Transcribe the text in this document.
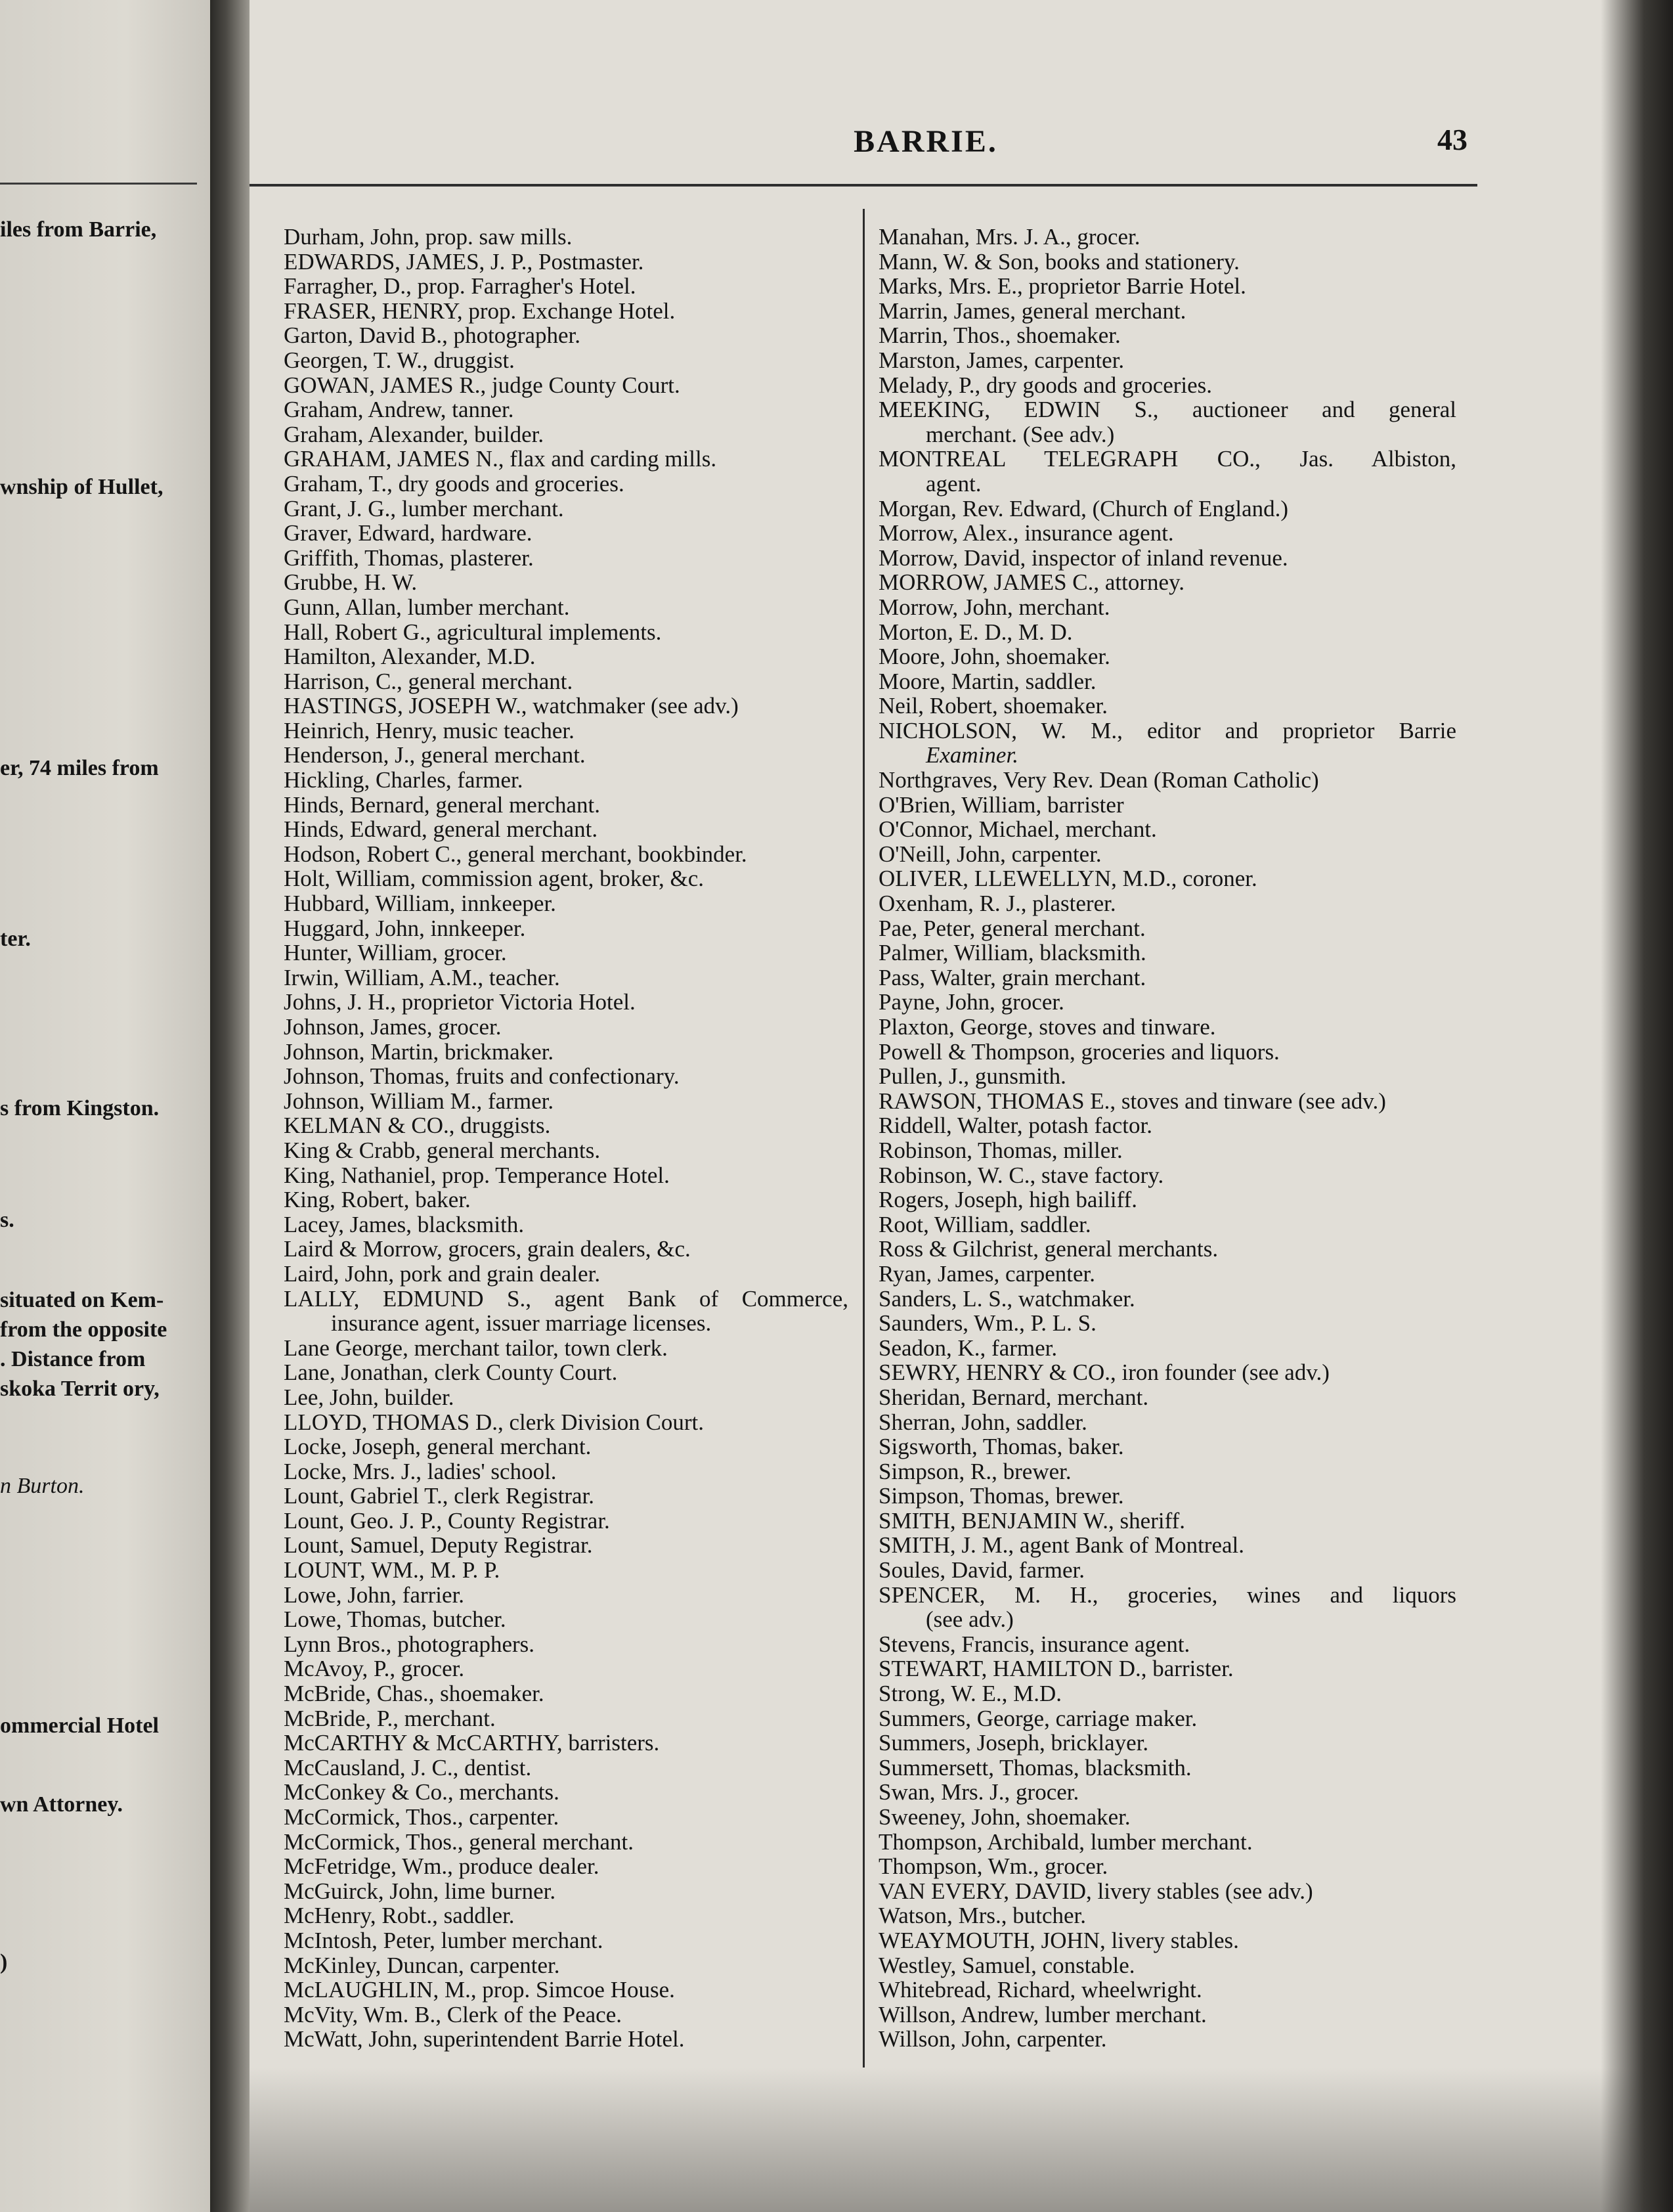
iles from Barrie,
wnship of Hullet,
er, 74 miles from
ter.
s from Kingston.
s.
situated on Kem-
from the opposite
. Distance from
skoka Territ ory,
n Burton.
ommercial Hotel
wn Attorney.
)
BARRIE.	43
Durham, John, prop. saw mills.
EDWARDS, JAMES, J. P., Postmaster.
Farragher, D., prop. Farragher's Hotel.
FRASER, HENRY, prop. Exchange Hotel.
Garton, David B., photographer.
Georgen, T. W., druggist.
GOWAN, JAMES R., judge County Court.
Graham, Andrew, tanner.
Graham, Alexander, builder.
GRAHAM, JAMES N., flax and carding mills.
Graham, T., dry goods and groceries.
Grant, J. G., lumber merchant.
Graver, Edward, hardware.
Griffith, Thomas, plasterer.
Grubbe, H. W.
Gunn, Allan, lumber merchant.
Hall, Robert G., agricultural implements.
Hamilton, Alexander, M.D.
Harrison, C., general merchant.
HASTINGS, JOSEPH W., watchmaker (see adv.)
Heinrich, Henry, music teacher.
Henderson, J., general merchant.
Hickling, Charles, farmer.
Hinds, Bernard, general merchant.
Hinds, Edward, general merchant.
Hodson, Robert C., general merchant, bookbinder.
Holt, William, commission agent, broker, &c.
Hubbard, William, innkeeper.
Huggard, John, innkeeper.
Hunter, William, grocer.
Irwin, William, A.M., teacher.
Johns, J. H., proprietor Victoria Hotel.
Johnson, James, grocer.
Johnson, Martin, brickmaker.
Johnson, Thomas, fruits and confectionary.
Johnson, William M., farmer.
KELMAN & CO., druggists.
King & Crabb, general merchants.
King, Nathaniel, prop. Temperance Hotel.
King, Robert, baker.
Lacey, James, blacksmith.
Laird & Morrow, grocers, grain dealers, &c.
Laird, John, pork and grain dealer.
LALLY, EDMUND S., agent Bank of Commerce,
insurance agent, issuer marriage licenses.
Lane George, merchant tailor, town clerk.
Lane, Jonathan, clerk County Court.
Lee, John, builder.
LLOYD, THOMAS D., clerk Division Court.
Locke, Joseph, general merchant.
Locke, Mrs. J., ladies' school.
Lount, Gabriel T., clerk Registrar.
Lount, Geo. J. P., County Registrar.
Lount, Samuel, Deputy Registrar.
LOUNT, WM., M. P. P.
Lowe, John, farrier.
Lowe, Thomas, butcher.
Lynn Bros., photographers.
McAvoy, P., grocer.
McBride, Chas., shoemaker.
McBride, P., merchant.
McCARTHY & McCARTHY, barristers.
McCausland, J. C., dentist.
McConkey & Co., merchants.
McCormick, Thos., carpenter.
McCormick, Thos., general merchant.
McFetridge, Wm., produce dealer.
McGuirck, John, lime burner.
McHenry, Robt., saddler.
McIntosh, Peter, lumber merchant.
McKinley, Duncan, carpenter.
McLAUGHLIN, M., prop. Simcoe House.
McVity, Wm. B., Clerk of the Peace.
McWatt, John, superintendent Barrie Hotel.
Manahan, Mrs. J. A., grocer.
Mann, W. & Son, books and stationery.
Marks, Mrs. E., proprietor Barrie Hotel.
Marrin, James, general merchant.
Marrin, Thos., shoemaker.
Marston, James, carpenter.
Melady, P., dry goods and groceries.
MEEKING, EDWIN S., auctioneer and general
merchant. (See adv.)
MONTREAL TELEGRAPH CO., Jas. Albiston,
agent.
Morgan, Rev. Edward, (Church of England.)
Morrow, Alex., insurance agent.
Morrow, David, inspector of inland revenue.
MORROW, JAMES C., attorney.
Morrow, John, merchant.
Morton, E. D., M. D.
Moore, John, shoemaker.
Moore, Martin, saddler.
Neil, Robert, shoemaker.
NICHOLSON, W. M., editor and proprietor Barrie
Examiner.
Northgraves, Very Rev. Dean (Roman Catholic)
O'Brien, William, barrister
O'Connor, Michael, merchant.
O'Neill, John, carpenter.
OLIVER, LLEWELLYN, M.D., coroner.
Oxenham, R. J., plasterer.
Pae, Peter, general merchant.
Palmer, William, blacksmith.
Pass, Walter, grain merchant.
Payne, John, grocer.
Plaxton, George, stoves and tinware.
Powell & Thompson, groceries and liquors.
Pullen, J., gunsmith.
RAWSON, THOMAS E., stoves and tinware (see adv.)
Riddell, Walter, potash factor.
Robinson, Thomas, miller.
Robinson, W. C., stave factory.
Rogers, Joseph, high bailiff.
Root, William, saddler.
Ross & Gilchrist, general merchants.
Ryan, James, carpenter.
Sanders, L. S., watchmaker.
Saunders, Wm., P. L. S.
Seadon, K., farmer.
SEWRY, HENRY & CO., iron founder (see adv.)
Sheridan, Bernard, merchant.
Sherran, John, saddler.
Sigsworth, Thomas, baker.
Simpson, R., brewer.
Simpson, Thomas, brewer.
SMITH, BENJAMIN W., sheriff.
SMITH, J. M., agent Bank of Montreal.
Soules, David, farmer.
SPENCER, M. H., groceries, wines and liquors
(see adv.)
Stevens, Francis, insurance agent.
STEWART, HAMILTON D., barrister.
Strong, W. E., M.D.
Summers, George, carriage maker.
Summers, Joseph, bricklayer.
Summersett, Thomas, blacksmith.
Swan, Mrs. J., grocer.
Sweeney, John, shoemaker.
Thompson, Archibald, lumber merchant.
Thompson, Wm., grocer.
VAN EVERY, DAVID, livery stables (see adv.)
Watson, Mrs., butcher.
WEAYMOUTH, JOHN, livery stables.
Westley, Samuel, constable.
Whitebread, Richard, wheelwright.
Willson, Andrew, lumber merchant.
Willson, John, carpenter.
